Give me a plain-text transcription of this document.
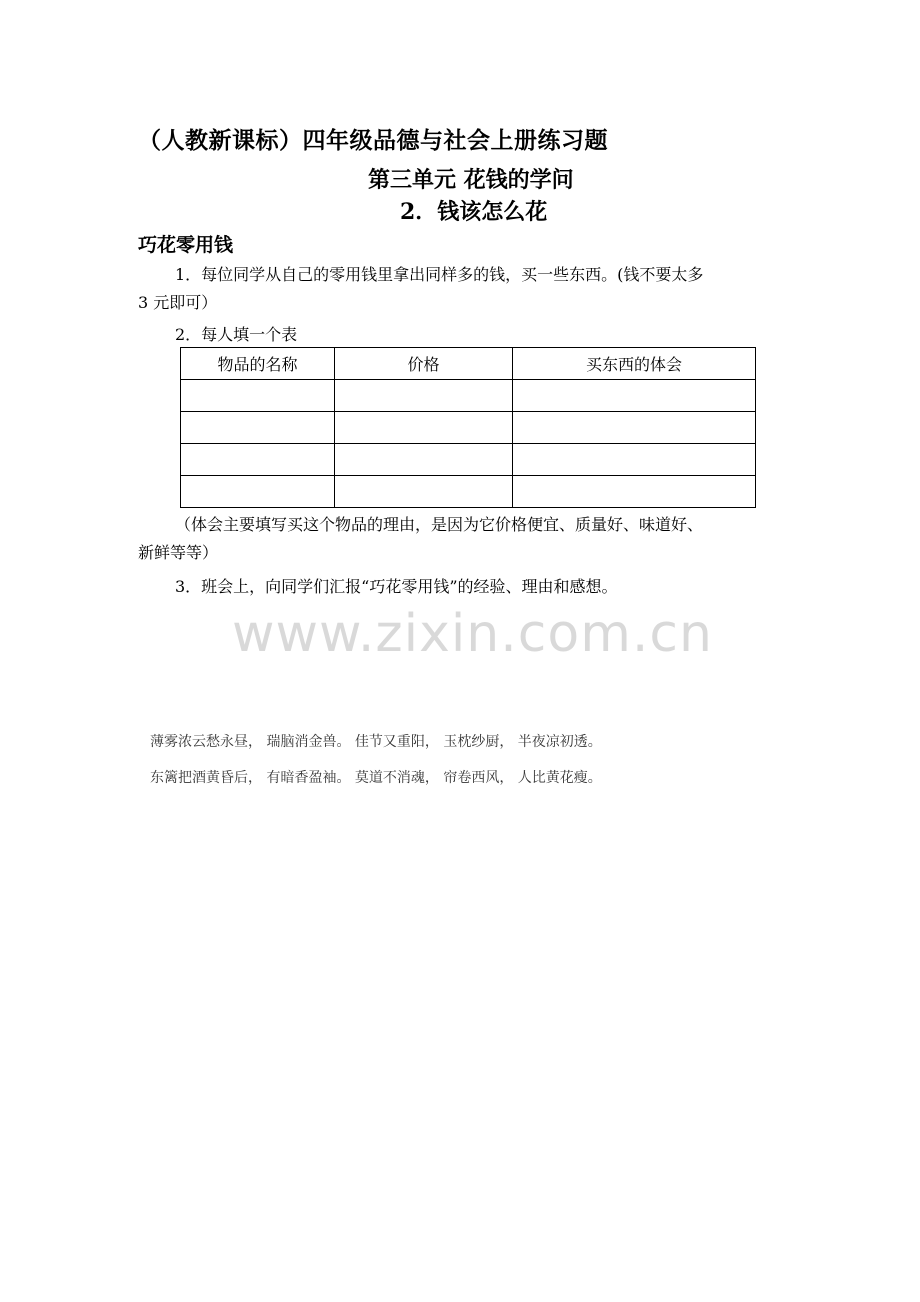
（人教新课标）四年级品德与社会上册练习题
第三单元 花钱的学问
2．钱该怎么花
巧花零用钱
1．每位同学从自己的零用钱里拿出同样多的钱，买一些东西。(钱不要太多
3 元即可）
2．每人填一个表
物品的名称	价格	买东西的体会

（体会主要填写买这个物品的理由，是因为它价格便宜、质量好、味道好、
新鲜等等）
3．班会上，向同学们汇报“巧花零用钱”的经验、理由和感想。
www.zixin.com.cn
薄雾浓云愁永昼， 瑞脑消金兽。 佳节又重阳， 玉枕纱厨， 半夜凉初透。
东篱把酒黄昏后， 有暗香盈袖。 莫道不消魂， 帘卷西风， 人比黄花瘦。
